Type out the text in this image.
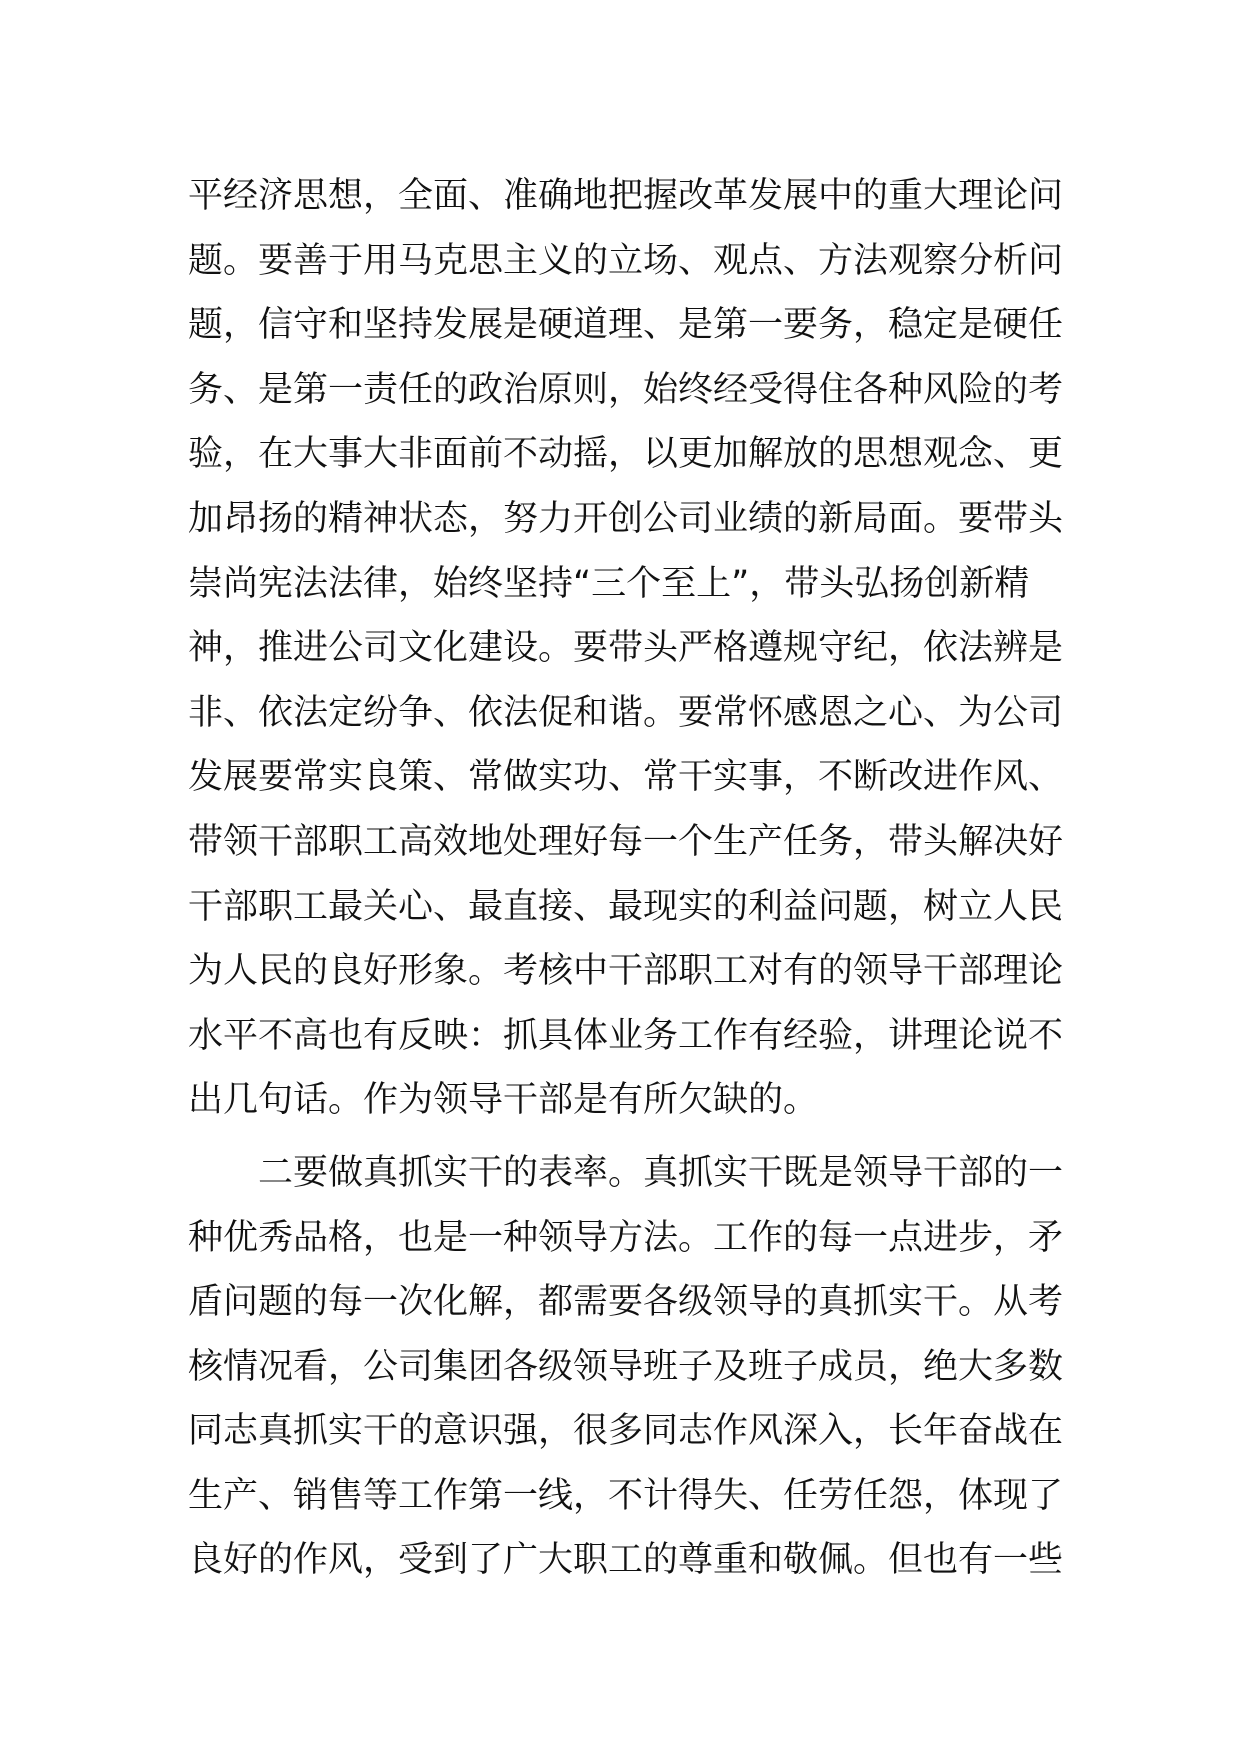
平经济思想，全面、准确地把握改革发展中的重大理论问
题。要善于用马克思主义的立场、观点、方法观察分析问
题，信守和坚持发展是硬道理、是第一要务，稳定是硬任
务、是第一责任的政治原则，始终经受得住各种风险的考
验，在大事大非面前不动摇，以更加解放的思想观念、更
加昂扬的精神状态，努力开创公司业绩的新局面。要带头
崇尚宪法法律，始终坚持“三个至上”，带头弘扬创新精
神，推进公司文化建设。要带头严格遵规守纪，依法辨是
非、依法定纷争、依法促和谐。要常怀感恩之心、为公司
发展要常实良策、常做实功、常干实事，不断改进作风、
带领干部职工高效地处理好每一个生产任务，带头解决好
干部职工最关心、最直接、最现实的利益问题，树立人民
为人民的良好形象。考核中干部职工对有的领导干部理论
水平不高也有反映：抓具体业务工作有经验，讲理论说不
出几句话。作为领导干部是有所欠缺的。
二要做真抓实干的表率。真抓实干既是领导干部的一
种优秀品格，也是一种领导方法。工作的每一点进步，矛
盾问题的每一次化解，都需要各级领导的真抓实干。从考
核情况看，公司集团各级领导班子及班子成员，绝大多数
同志真抓实干的意识强，很多同志作风深入，长年奋战在
生产、销售等工作第一线，不计得失、任劳任怨，体现了
良好的作风，受到了广大职工的尊重和敬佩。但也有一些
